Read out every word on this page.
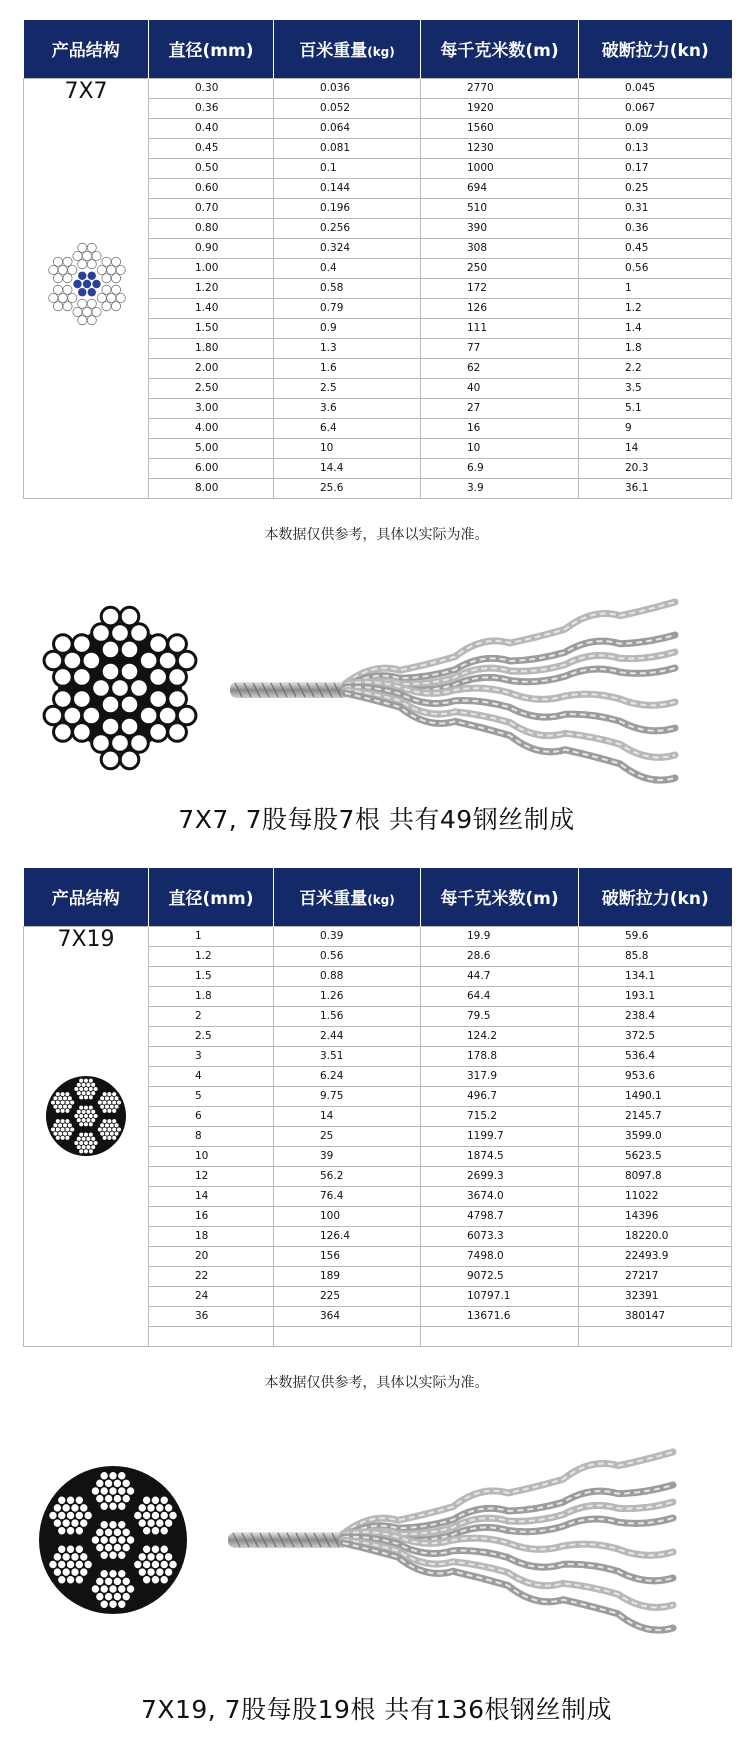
产品结构	直径(mm)	百米重量(kg)	每千克米数(m)	破断拉力(kn)

7X7	0.30	0.036	2770	0.045
	0.36	0.052	1920	0.067
	0.40	0.064	1560	0.09
	0.45	0.081	1230	0.13
	0.50	0.1	1000	0.17
	0.60	0.144	694	0.25
	0.70	0.196	510	0.31
	0.80	0.256	390	0.36
	0.90	0.324	308	0.45
	1.00	0.4	250	0.56
	1.20	0.58	172	1
	1.40	0.79	126	1.2
	1.50	0.9	111	1.4
	1.80	1.3	77	1.8
	2.00	1.6	62	2.2
	2.50	2.5	40	3.5
	3.00	3.6	27	5.1
	4.00	6.4	16	9
	5.00	10	10	14
	6.00	14.4	6.9	20.3
	8.00	25.6	3.9	36.1
产品结构	直径(mm)	百米重量(kg)	每千克米数(m)	破断拉力(kn)

7X19	1	0.39	19.9	59.6
	1.2	0.56	28.6	85.8
	1.5	0.88	44.7	134.1
	1.8	1.26	64.4	193.1
	2	1.56	79.5	238.4
	2.5	2.44	124.2	372.5
	3	3.51	178.8	536.4
	4	6.24	317.9	953.6
	5	9.75	496.7	1490.1
	6	14	715.2	2145.7
	8	25	1199.7	3599.0
	10	39	1874.5	5623.5
	12	56.2	2699.3	8097.8
	14	76.4	3674.0	11022
	16	100	4798.7	14396
	18	126.4	6073.3	18220.0
	20	156	7498.0	22493.9
	22	189	9072.5	27217
	24	225	10797.1	32391
	36	364	13671.6	380147

本数据仅供参考，具体以实际为准。
7X7, 7股每股7根 共有49钢丝制成
本数据仅供参考，具体以实际为准。
7X19, 7股每股19根 共有136根钢丝制成
